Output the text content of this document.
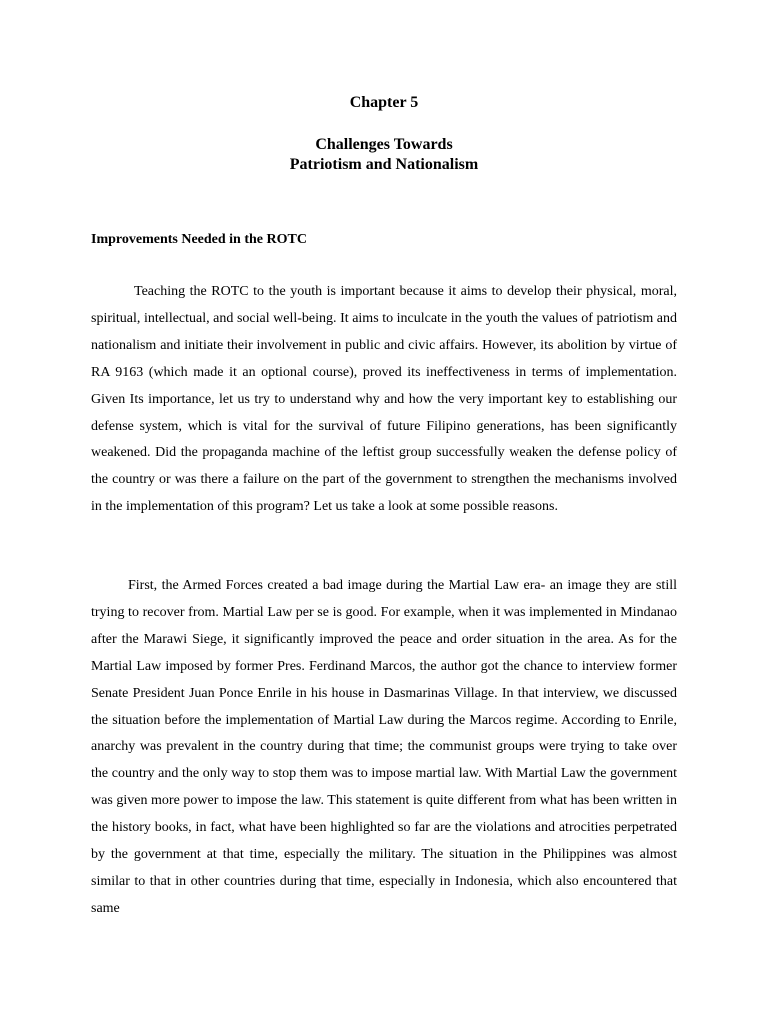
Chapter 5
Challenges Towards
Patriotism and Nationalism
Improvements Needed in the ROTC

Teaching the ROTC to the youth is important because it aims to develop their physical, moral, spiritual, intellectual, and social well-being. It aims to inculcate in the youth the values of patriotism and nationalism and initiate their involvement in public and civic affairs. However, its abolition by virtue of RA 9163 (which made it an optional course), proved its ineffectiveness in terms of implementation. Given Its importance, let us try to understand why and how the very important key to establishing our defense system, which is vital for the survival of future Filipino generations, has been significantly weakened. Did the propaganda machine of the leftist group successfully weaken the defense policy of the country or was there a failure on the part of the government to strengthen the mechanisms involved in the implementation of this program? Let us take a look at some possible reasons.

First, the Armed Forces created a bad image during the Martial Law era- an image they are still trying to recover from. Martial Law per se is good. For example, when it was implemented in Mindanao after the Marawi Siege, it significantly improved the peace and order situation in the area. As for the Martial Law imposed by former Pres. Ferdinand Marcos, the author got the chance to interview former Senate President Juan Ponce Enrile in his house in Dasmarinas Village. In that interview, we discussed the situation before the implementation of Martial Law during the Marcos regime. According to Enrile, anarchy was prevalent in the country during that time; the communist groups were trying to take over the country and the only way to stop them was to impose martial law. With Martial Law the government was given more power to impose the law. This statement is quite different from what has been written in the history books, in fact, what have been highlighted so far are the violations and atrocities perpetrated by the government at that time, especially the military. The situation in the Philippines was almost similar to that in other countries during that time, especially in Indonesia, which also encountered that same
